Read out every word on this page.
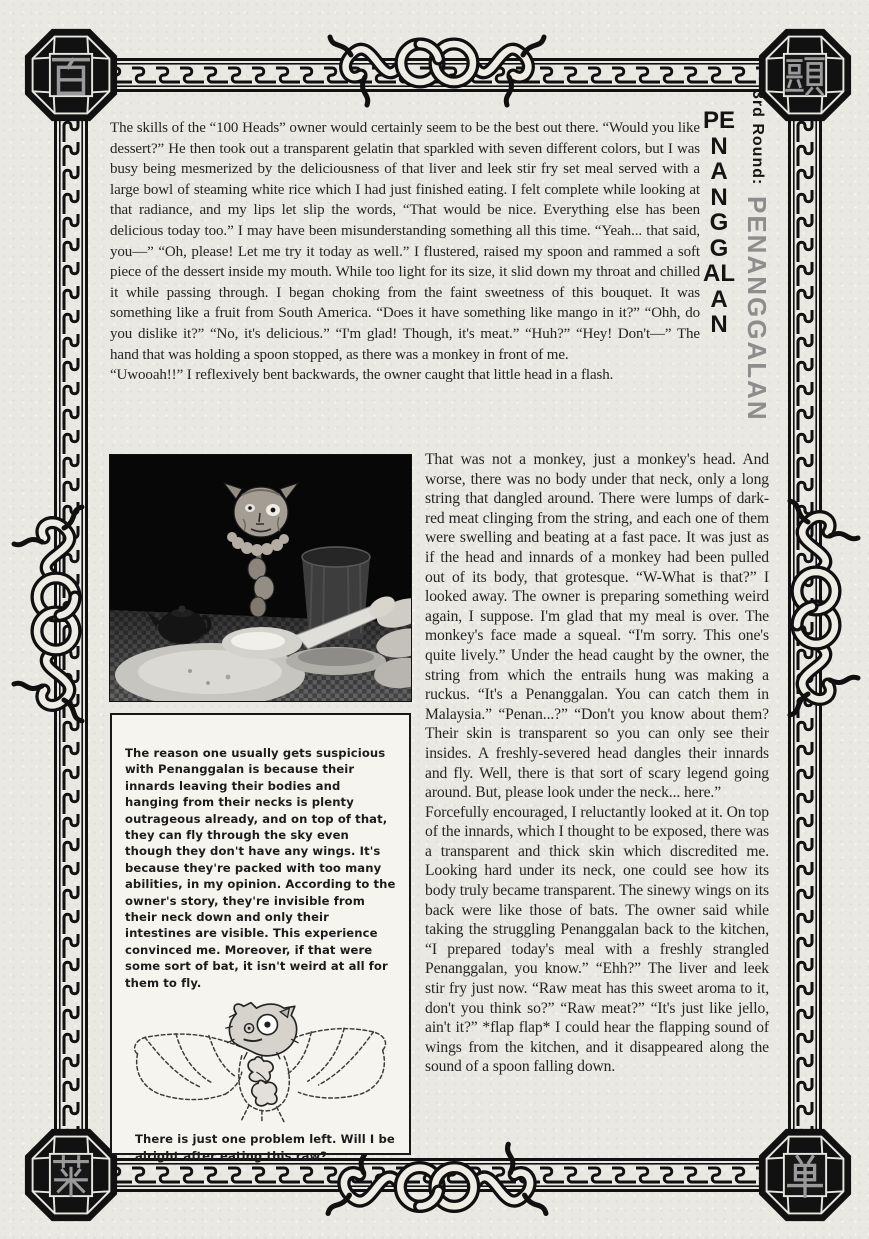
The skills of the “100 Heads” owner would certainly seem to be the best out there. “Would you like dessert?” He then took out a transparent gelatin that sparkled with seven different colors, but I was busy being mesmerized by the deliciousness of that liver and leek stir fry set meal served with a large bowl of steaming white rice which I had just finished eating. I felt complete while looking at that radiance, and my lips let slip the words, “That would be nice. Everything else has been delicious today too.” I may have been misunderstanding something all this time. “Yeah... that said, you—” “Oh, please! Let me try it today as well.” I flustered, raised my spoon and rammed a soft piece of the dessert inside my mouth. While too light for its size, it slid down my throat and chilled it while passing through. I began choking from the faint sweetness of this bouquet. It was something like a fruit from South America. “Does it have something like mango in it?” “Ohh, do you dislike it?” “No, it's delicious.” “I'm glad! Though, it's meat.” “Huh?” “Hey! Don't—” The hand that was holding a spoon stopped, as there was a monkey in front of me.

“Uwooah!!” I reflexively bent backwards, the owner caught that little head in a flash.

PENANGGALAN
3rd Round: PENANGGALAN

That was not a monkey, just a monkey's head. And worse, there was no body under that neck, only a long string that dangled around. There were lumps of dark-red meat clinging from the string, and each one of them were swelling and beating at a fast pace. It was just as if the head and innards of a monkey had been pulled out of its body, that grotesque. “W-What is that?” I looked away. The owner is preparing something weird again, I suppose. I'm glad that my meal is over. The monkey's face made a squeal. “I'm sorry. This one's quite lively.” Under the head caught by the owner, the string from which the entrails hung was making a ruckus. “It's a Penanggalan. You can catch them in Malaysia.” “Penan...?” “Don't you know about them? Their skin is transparent so you can only see their insides. A freshly-severed head dangles their innards and fly. Well, there is that sort of scary legend going around. But, please look under the neck... here.”

Forcefully encouraged, I reluctantly looked at it. On top of the innards, which I thought to be exposed, there was a transparent and thick skin which discredited me. Looking hard under its neck, one could see how its body truly became transparent. The sinewy wings on its back were like those of bats. The owner said while taking the struggling Penanggalan back to the kitchen, “I prepared today's meal with a freshly strangled Penanggalan, you know.” “Ehh?” The liver and leek stir fry just now. “Raw meat has this sweet aroma to it, don't you think so?” “Raw meat?” “It's just like jello, ain't it?” *flap flap* I could hear the flapping sound of wings from the kitchen, and it disappeared along the sound of a spoon falling down.

The reason one usually gets suspicious with Penanggalan is because their innards leaving their bodies and hanging from their necks is plenty outrageous already, and on top of that, they can fly through the sky even though they don't have any wings. It's because they're packed with too many abilities, in my opinion. According to the owner's story, they're invisible from their neck down and only their intestines are visible. This experience convinced me. Moreover, if that were some sort of bat, it isn't weird at all for them to fly.

There is just one problem left. Will I be alright after eating this raw?
